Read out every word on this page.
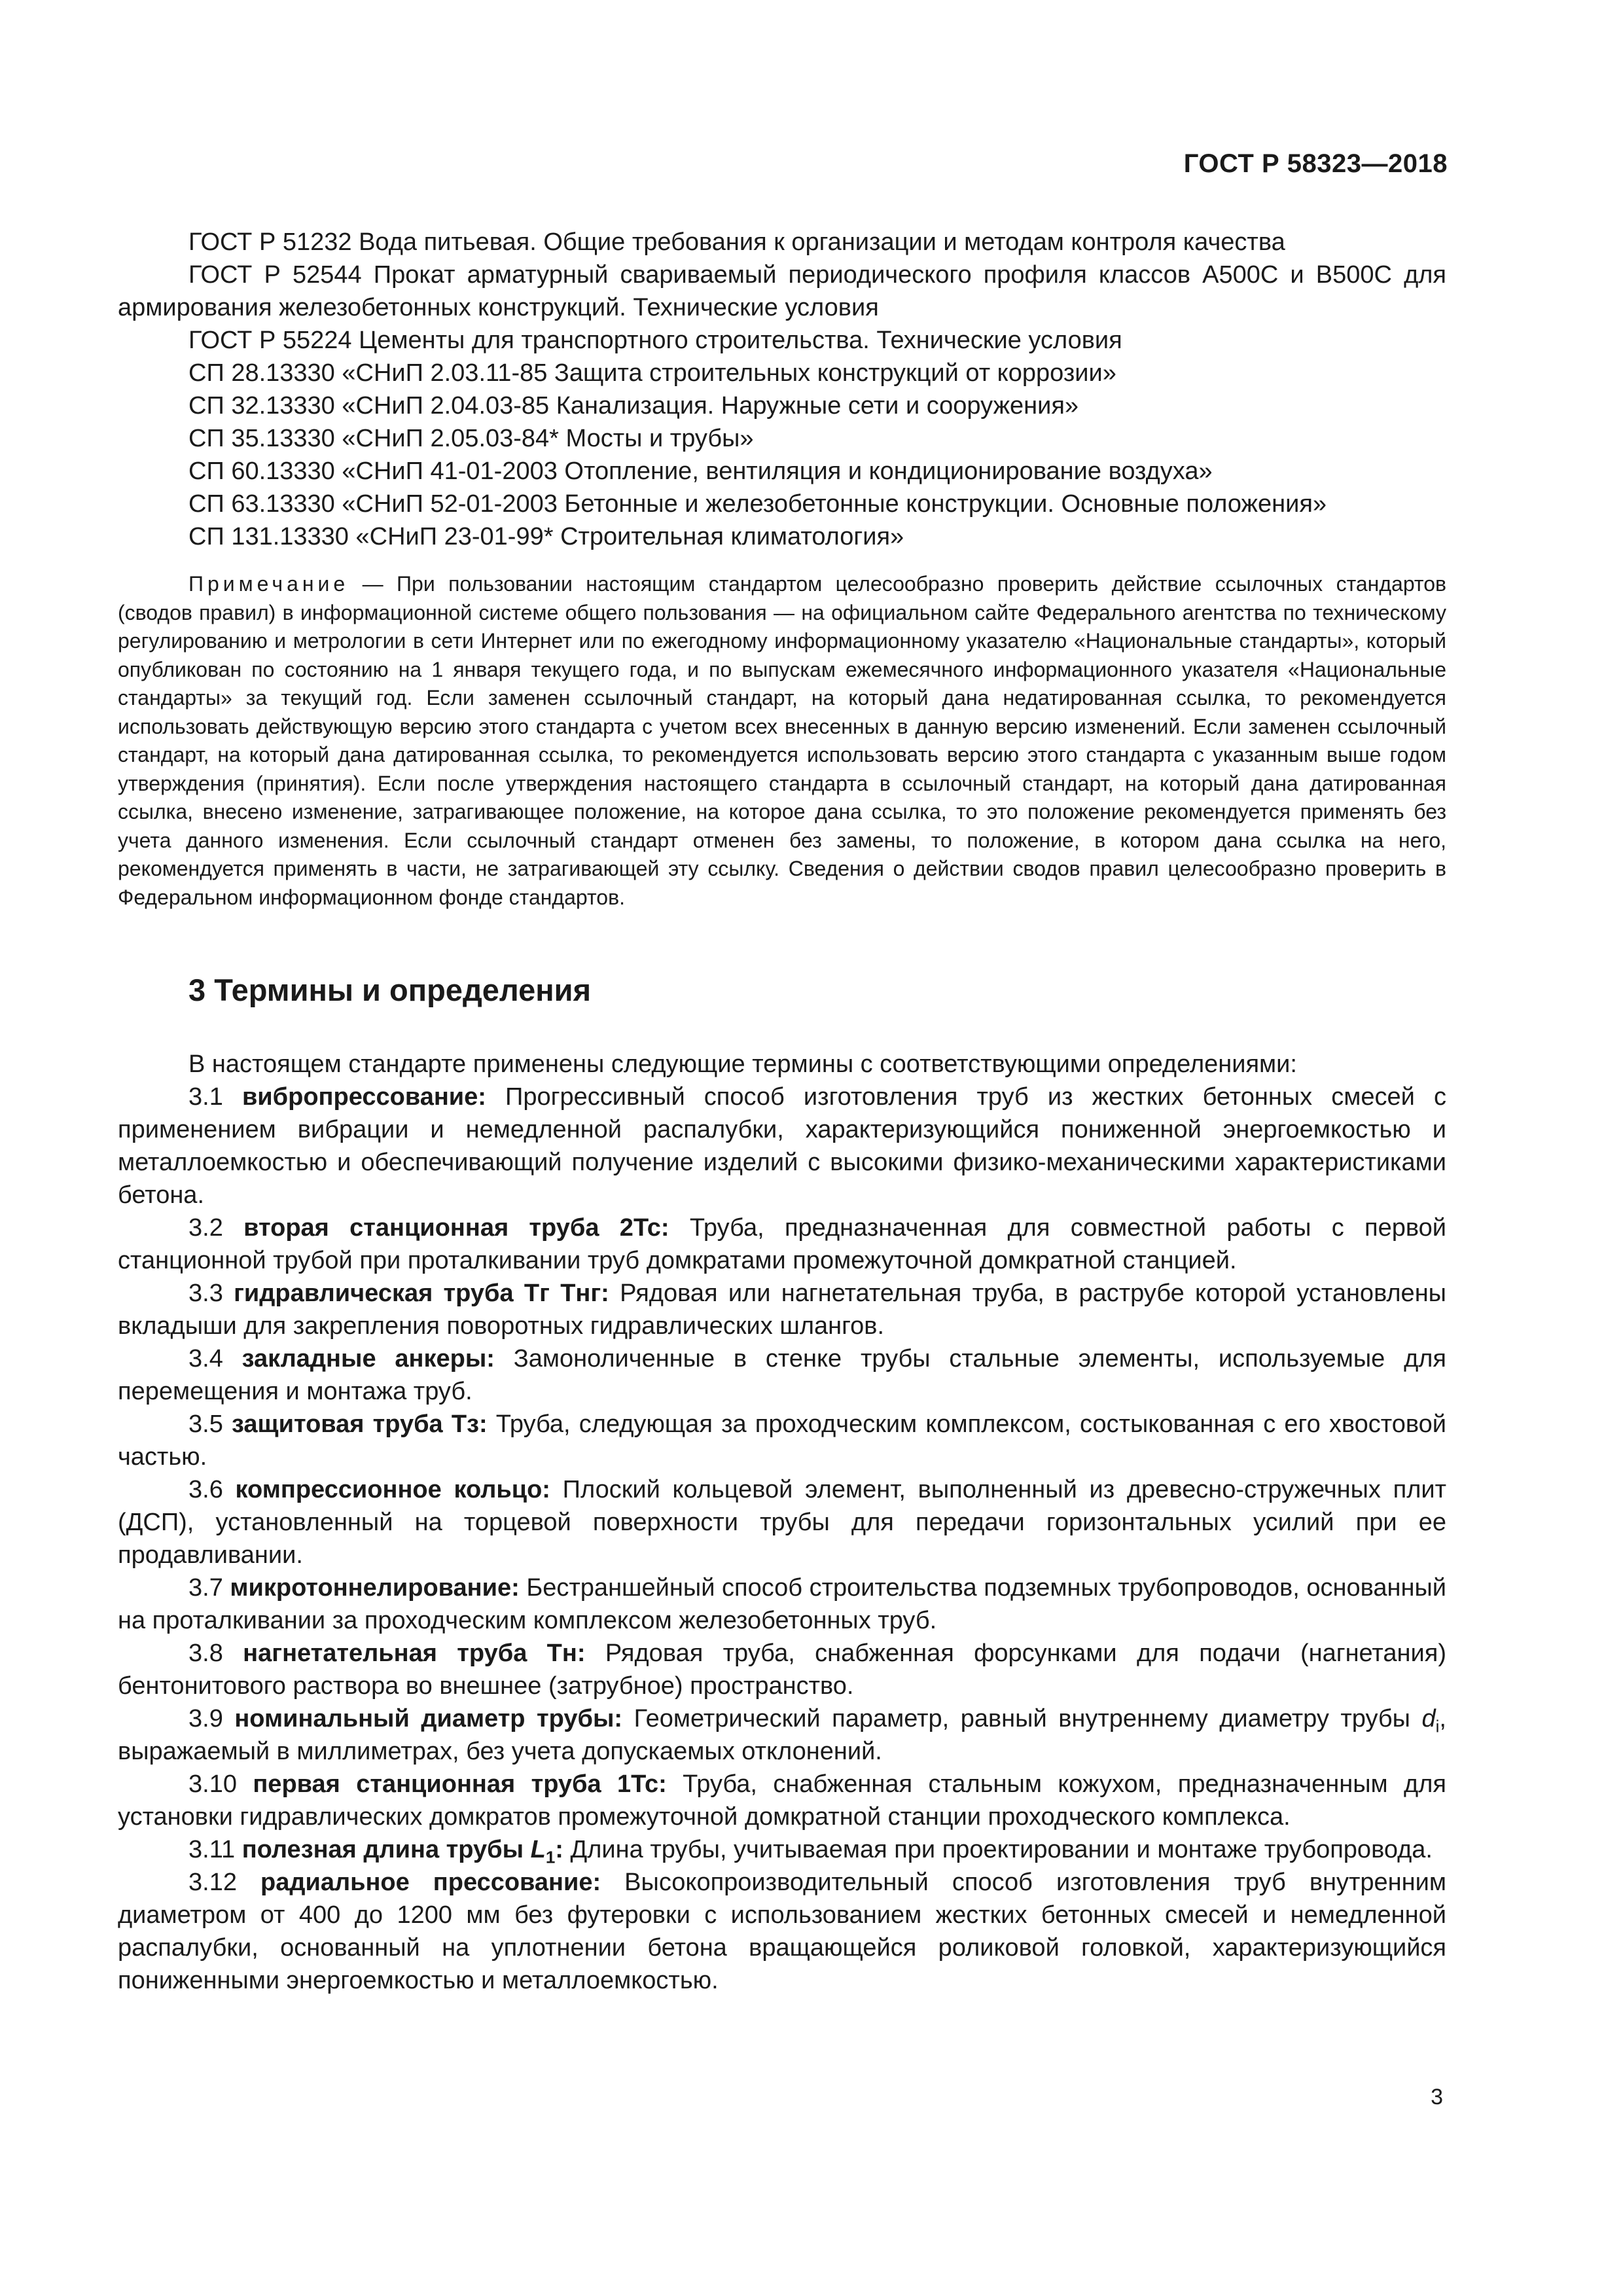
ГОСТ Р 58323—2018

ГОСТ Р 51232 Вода питьевая. Общие требования к организации и методам контроля качества

ГОСТ Р 52544 Прокат арматурный свариваемый периодического профиля классов А500С и В500С для армирования железобетонных конструкций. Технические условия

ГОСТ Р 55224 Цементы для транспортного строительства. Технические условия

СП 28.13330 «СНиП 2.03.11-85 Защита строительных конструкций от коррозии»

СП 32.13330 «СНиП 2.04.03-85 Канализация. Наружные сети и сооружения»

СП 35.13330 «СНиП 2.05.03-84* Мосты и трубы»

СП 60.13330 «СНиП 41-01-2003 Отопление, вентиляция и кондиционирование воздуха»

СП 63.13330 «СНиП 52-01-2003 Бетонные и железобетонные конструкции. Основные положения»

СП 131.13330 «СНиП 23-01-99* Строительная климатология»

Примечание — При пользовании настоящим стандартом целесообразно проверить действие ссылочных стандартов (сводов правил) в информационной системе общего пользования — на официальном сайте Федерального агентства по техническому регулированию и метрологии в сети Интернет или по ежегодному информационному указателю «Национальные стандарты», который опубликован по состоянию на 1 января текущего года, и по выпускам ежемесячного информационного указателя «Национальные стандарты» за текущий год. Если заменен ссылочный стандарт, на который дана недатированная ссылка, то рекомендуется использовать действующую версию этого стандарта с учетом всех внесенных в данную версию изменений. Если заменен ссылочный стандарт, на который дана датированная ссылка, то рекомендуется использовать версию этого стандарта с указанным выше годом утверждения (принятия). Если после утверждения настоящего стандарта в ссылочный стандарт, на который дана датированная ссылка, внесено изменение, затрагивающее положение, на которое дана ссылка, то это положение рекомендуется применять без учета данного изменения. Если ссылочный стандарт отменен без замены, то положение, в котором дана ссылка на него, рекомендуется применять в части, не затрагивающей эту ссылку. Сведения о действии сводов правил целесообразно проверить в Федеральном информационном фонде стандартов.

3 Термины и определения

В настоящем стандарте применены следующие термины с соответствующими определениями:

3.1 вибропрессование: Прогрессивный способ изготовления труб из жестких бетонных смесей с применением вибрации и немедленной распалубки, характеризующийся пониженной энергоемкостью и металлоемкостью и обеспечивающий получение изделий с высокими физико-механическими характеристиками бетона.

3.2 вторая станционная труба 2Тс: Труба, предназначенная для совместной работы с первой станционной трубой при проталкивании труб домкратами промежуточной домкратной станцией.

3.3 гидравлическая труба Тг Тнг: Рядовая или нагнетательная труба, в раструбе которой установлены вкладыши для закрепления поворотных гидравлических шлангов.

3.4 закладные анкеры: Замоноличенные в стенке трубы стальные элементы, используемые для перемещения и монтажа труб.

3.5 защитовая труба Тз: Труба, следующая за проходческим комплексом, состыкованная с его хвостовой частью.

3.6 компрессионное кольцо: Плоский кольцевой элемент, выполненный из древесно-стружечных плит (ДСП), установленный на торцевой поверхности трубы для передачи горизонтальных усилий при ее продавливании.

3.7 микротоннелирование: Бестраншейный способ строительства подземных трубопроводов, основанный на проталкивании за проходческим комплексом железобетонных труб.

3.8 нагнетательная труба Тн: Рядовая труба, снабженная форсунками для подачи (нагнетания) бентонитового раствора во внешнее (затрубное) пространство.

3.9 номинальный диаметр трубы: Геометрический параметр, равный внутреннему диаметру трубы $d_i$, выражаемый в миллиметрах, без учета допускаемых отклонений.

3.10 первая станционная труба 1Тс: Труба, снабженная стальным кожухом, предназначенным для установки гидравлических домкратов промежуточной домкратной станции проходческого комплекса.

3.11 полезная длина трубы $L_1$: Длина трубы, учитываемая при проектировании и монтаже трубопровода.

3.12 радиальное прессование: Высокопроизводительный способ изготовления труб внутренним диаметром от 400 до 1200 мм без футеровки с использованием жестких бетонных смесей и немедленной распалубки, основанный на уплотнении бетона вращающейся роликовой головкой, характеризующийся пониженными энергоемкостью и металлоемкостью.

3
